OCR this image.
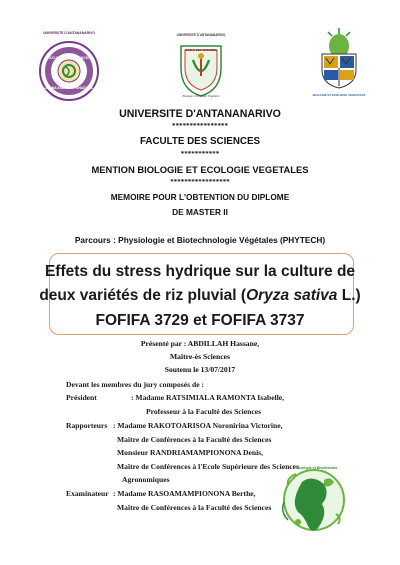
UNIVERSITE D'ANTANANARIVO
FACULTE DES SCIENCES
ALAMA ANDRY SY FAHAIZANA
UNIVERSITE D'ANTANANARIVO
ECOLE DES SCIENCES
Biologie et Ecologie Végétales	BIOLOGIE ET ECOLOGIE VEGETALES
UNIVERSITE D'ANTANANARIVO
****************
FACULTE DES SCIENCES
***********
MENTION BIOLOGIE ET ECOLOGIE VEGETALES
*****************
MEMOIRE POUR L'OBTENTION DU DIPLOME
DE MASTER II
Parcours : Physiologie et Biotechnologie Végétales (PHYTECH)
Effets du stress hydrique sur la culture de
deux variétés de riz pluvial (Oryza sativa L.)
FOFIFA 3729 et FOFIFA 3737
Présenté par : ABDILLAH Hassane,
Maître-ès Sciences
Soutenu le 13/07/2017
Devant les membres du jury composés de :
Président	: Madame RATSIMIALA RAMONTA Isabelle,
Professeur à la Faculté des Sciences
Rapporteurs : Madame RAKOTOARISOA Noronirina Victorine,
Maître de Conférences à la Faculté des Sciences
Monsieur RANDRIAMAMPIONONA Denis,
Maître de Conférences à l'Ecole Supérieure des Sciences
Agronomiques
Examinateur : Madame RASOAMAMPIONONA Berthe,
Maître de Conférences à la Faculté des Sciences
Ecologie et Biodiversité
